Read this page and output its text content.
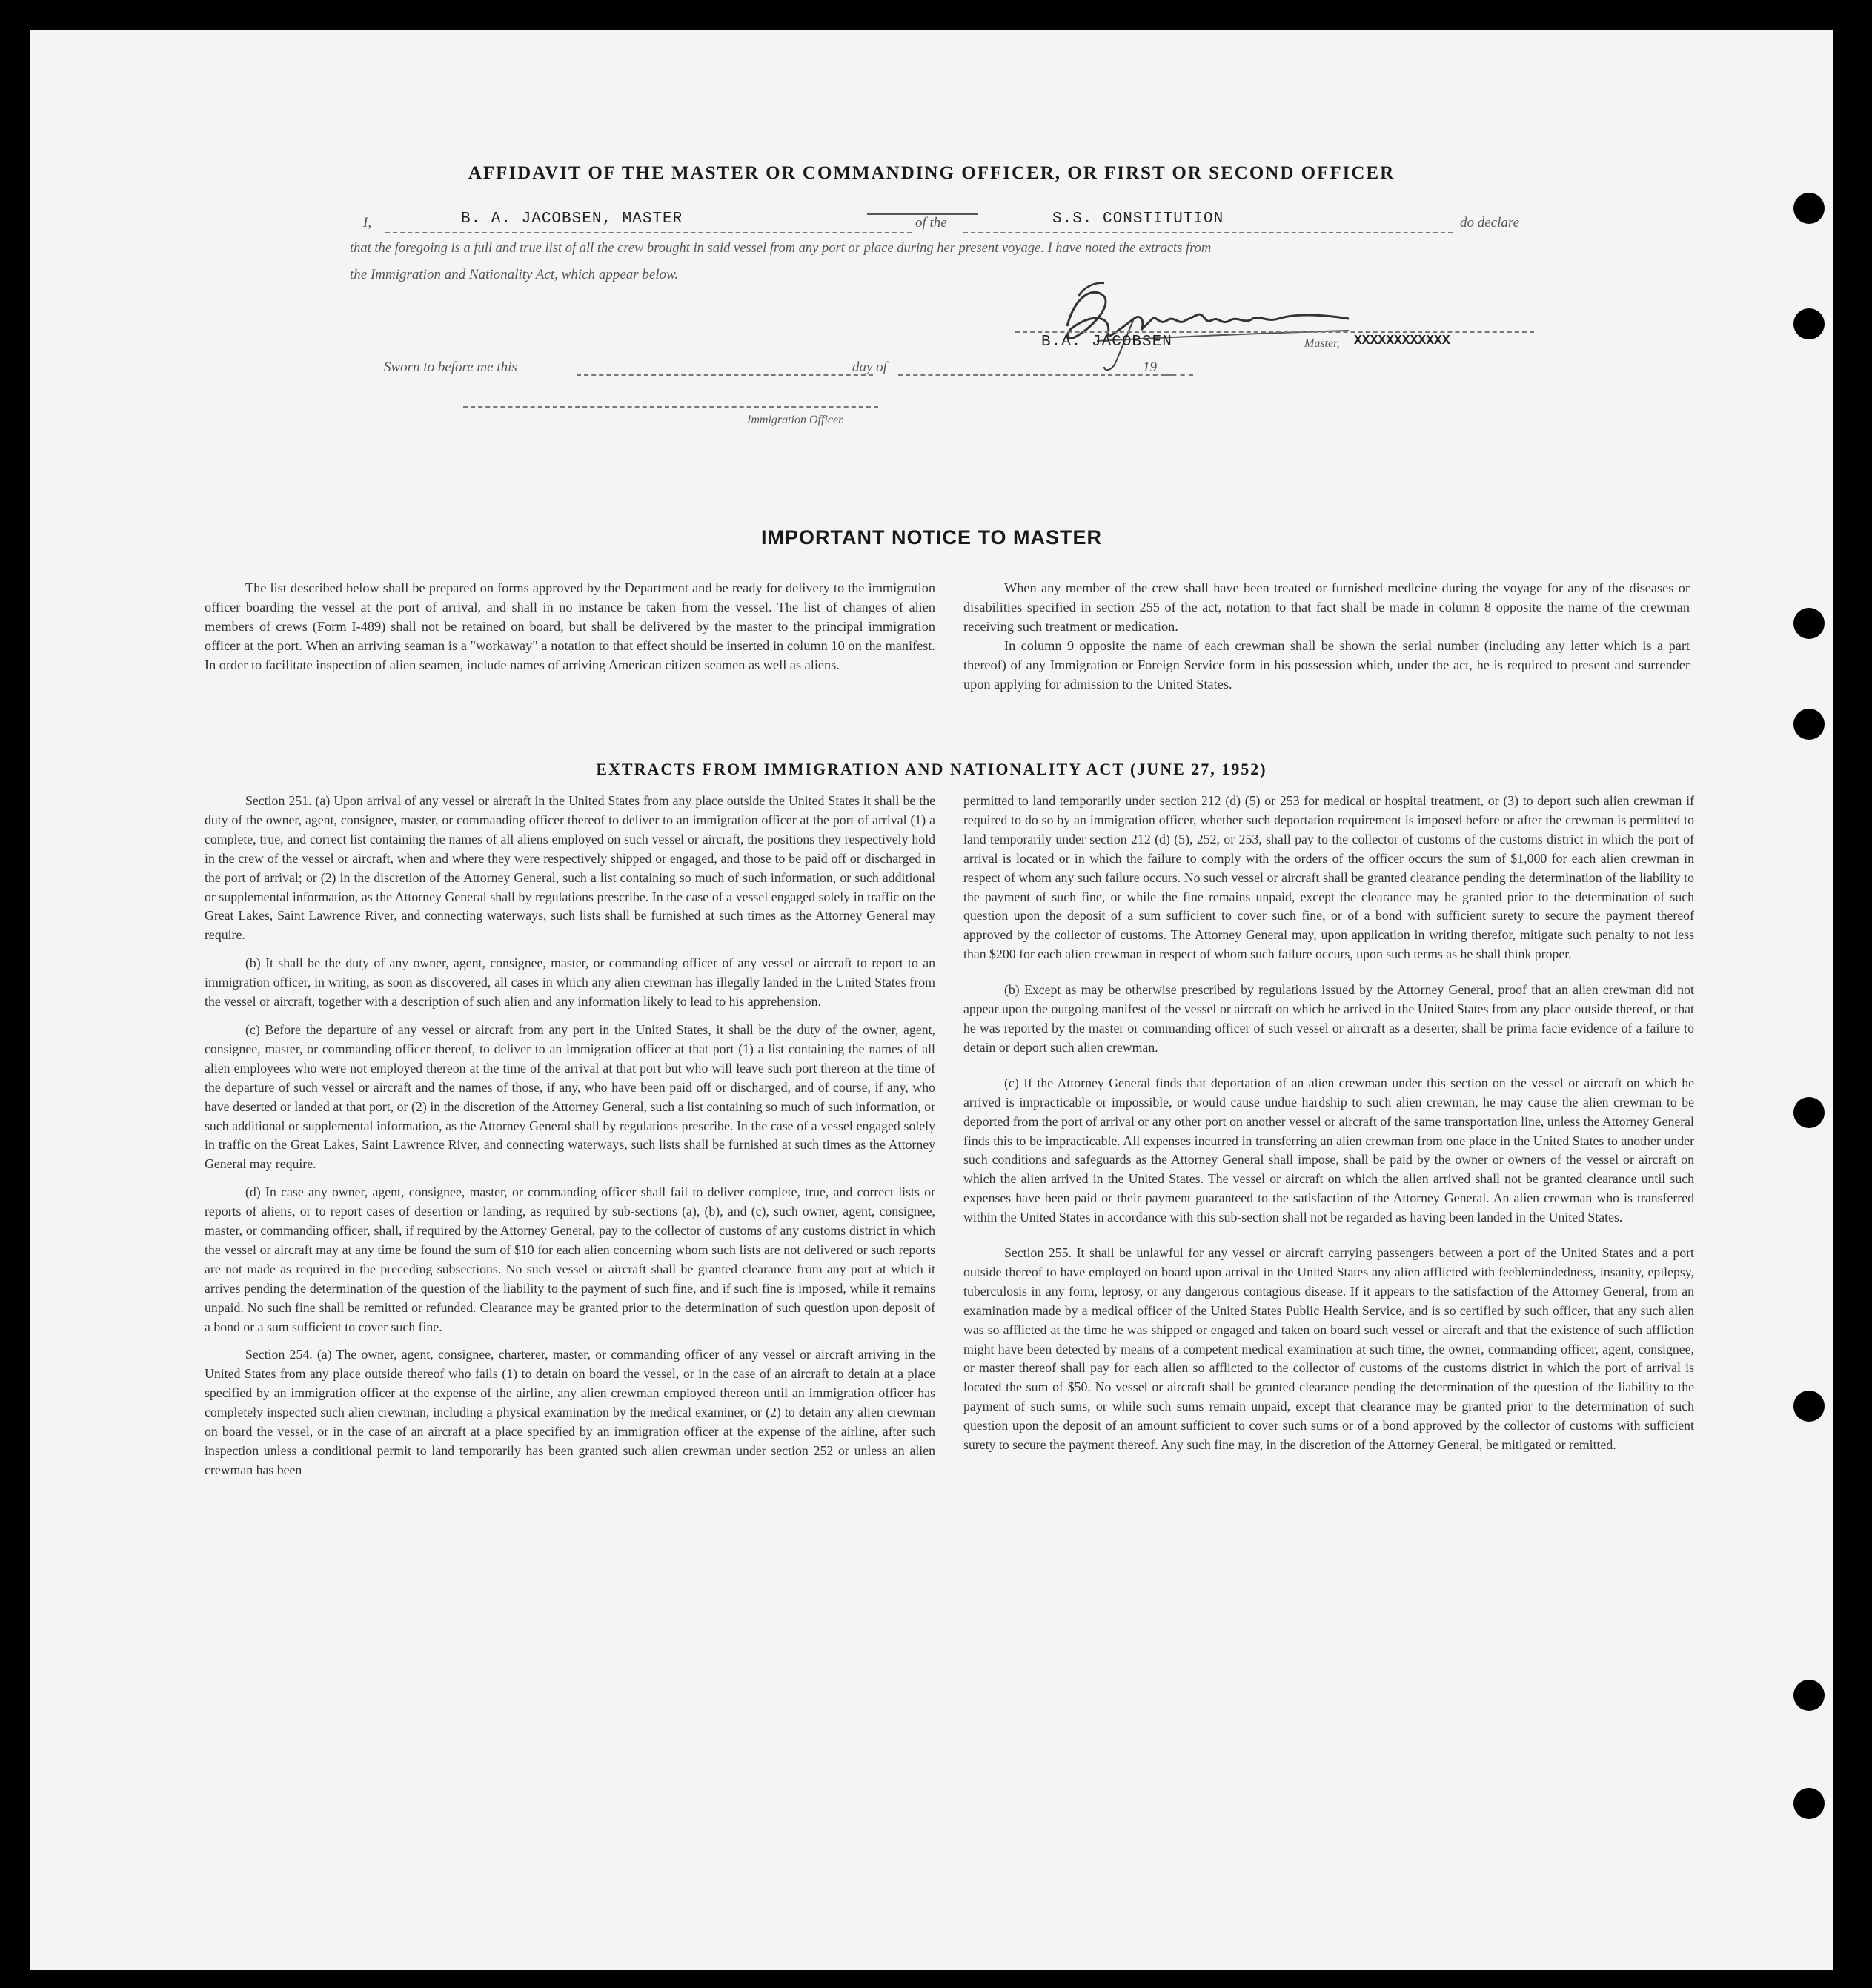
AFFIDAVIT OF THE MASTER OR COMMANDING OFFICER, OR FIRST OR SECOND OFFICER
I,	B. A. JACOBSEN, MASTER	of the	S.S. CONSTITUTION	do declare
that the foregoing is a full and true list of all the crew brought in said vessel from any port or place during her present voyage. I have noted the extracts from
the Immigration and Nationality Act, which appear below.
B.A. JACOBSEN	Master, XXXXXXXXXXXX
Sworn to before me this	day of	19
Immigration Officer.
IMPORTANT NOTICE TO MASTER

The list described below shall be prepared on forms approved by the Department and be ready for delivery to the immigration officer boarding the vessel at the port of arrival, and shall in no instance be taken from the vessel. The list of changes of alien members of crews (Form I-489) shall not be retained on board, but shall be delivered by the master to the principal immigration officer at the port. When an arriving seaman is a "workaway" a notation to that effect should be inserted in column 10 on the manifest. In order to facilitate inspection of alien seamen, include names of arriving American citizen seamen as well as aliens.

When any member of the crew shall have been treated or furnished medicine during the voyage for any of the diseases or disabilities specified in section 255 of the act, notation to that fact shall be made in column 8 opposite the name of the crewman receiving such treatment or medication.

In column 9 opposite the name of each crewman shall be shown the serial number (including any letter which is a part thereof) of any Immigration or Foreign Service form in his possession which, under the act, he is required to present and surrender upon applying for admission to the United States.

EXTRACTS FROM IMMIGRATION AND NATIONALITY ACT (JUNE 27, 1952)

Section 251. (a) Upon arrival of any vessel or aircraft in the United States from any place outside the United States it shall be the duty of the owner, agent, consignee, master, or commanding officer thereof to deliver to an immigration officer at the port of arrival (1) a complete, true, and correct list containing the names of all aliens employed on such vessel or aircraft, the positions they respectively hold in the crew of the vessel or aircraft, when and where they were respectively shipped or engaged, and those to be paid off or discharged in the port of arrival; or (2) in the discretion of the Attorney General, such a list containing so much of such information, or such additional or supplemental information, as the Attorney General shall by regulations prescribe. In the case of a vessel engaged solely in traffic on the Great Lakes, Saint Lawrence River, and connecting waterways, such lists shall be furnished at such times as the Attorney General may require.

(b) It shall be the duty of any owner, agent, consignee, master, or commanding officer of any vessel or aircraft to report to an immigration officer, in writing, as soon as discovered, all cases in which any alien crewman has illegally landed in the United States from the vessel or aircraft, together with a description of such alien and any information likely to lead to his apprehension.

(c) Before the departure of any vessel or aircraft from any port in the United States, it shall be the duty of the owner, agent, consignee, master, or commanding officer thereof, to deliver to an immigration officer at that port (1) a list containing the names of all alien employees who were not employed thereon at the time of the arrival at that port but who will leave such port thereon at the time of the departure of such vessel or aircraft and the names of those, if any, who have been paid off or discharged, and of course, if any, who have deserted or landed at that port, or (2) in the discretion of the Attorney General, such a list containing so much of such information, or such additional or supplemental information, as the Attorney General shall by regulations prescribe. In the case of a vessel engaged solely in traffic on the Great Lakes, Saint Lawrence River, and connecting waterways, such lists shall be furnished at such times as the Attorney General may require.

(d) In case any owner, agent, consignee, master, or commanding officer shall fail to deliver complete, true, and correct lists or reports of aliens, or to report cases of desertion or landing, as required by sub-sections (a), (b), and (c), such owner, agent, consignee, master, or commanding officer, shall, if required by the Attorney General, pay to the collector of customs of any customs district in which the vessel or aircraft may at any time be found the sum of $10 for each alien concerning whom such lists are not delivered or such reports are not made as required in the preceding subsections. No such vessel or aircraft shall be granted clearance from any port at which it arrives pending the determination of the question of the liability to the payment of such fine, and if such fine is imposed, while it remains unpaid. No such fine shall be remitted or refunded. Clearance may be granted prior to the determination of such question upon deposit of a bond or a sum sufficient to cover such fine.

Section 254. (a) The owner, agent, consignee, charterer, master, or commanding officer of any vessel or aircraft arriving in the United States from any place outside thereof who fails (1) to detain on board the vessel, or in the case of an aircraft to detain at a place specified by an immigration officer at the expense of the airline, any alien crewman employed thereon until an immigration officer has completely inspected such alien crewman, including a physical examination by the medical examiner, or (2) to detain any alien crewman on board the vessel, or in the case of an aircraft at a place specified by an immigration officer at the expense of the airline, after such inspection unless a conditional permit to land temporarily has been granted such alien crewman under section 252 or unless an alien crewman has been

permitted to land temporarily under section 212 (d) (5) or 253 for medical or hospital treatment, or (3) to deport such alien crewman if required to do so by an immigration officer, whether such deportation requirement is imposed before or after the crewman is permitted to land temporarily under section 212 (d) (5), 252, or 253, shall pay to the collector of customs of the customs district in which the port of arrival is located or in which the failure to comply with the orders of the officer occurs the sum of $1,000 for each alien crewman in respect of whom any such failure occurs. No such vessel or aircraft shall be granted clearance pending the determination of the liability to the payment of such fine, or while the fine remains unpaid, except the clearance may be granted prior to the determination of such question upon the deposit of a sum sufficient to cover such fine, or of a bond with sufficient surety to secure the payment thereof approved by the collector of customs. The Attorney General may, upon application in writing therefor, mitigate such penalty to not less than $200 for each alien crewman in respect of whom such failure occurs, upon such terms as he shall think proper.

(b) Except as may be otherwise prescribed by regulations issued by the Attorney General, proof that an alien crewman did not appear upon the outgoing manifest of the vessel or aircraft on which he arrived in the United States from any place outside thereof, or that he was reported by the master or commanding officer of such vessel or aircraft as a deserter, shall be prima facie evidence of a failure to detain or deport such alien crewman.

(c) If the Attorney General finds that deportation of an alien crewman under this section on the vessel or aircraft on which he arrived is impracticable or impossible, or would cause undue hardship to such alien crewman, he may cause the alien crewman to be deported from the port of arrival or any other port on another vessel or aircraft of the same transportation line, unless the Attorney General finds this to be impracticable. All expenses incurred in transferring an alien crewman from one place in the United States to another under such conditions and safeguards as the Attorney General shall impose, shall be paid by the owner or owners of the vessel or aircraft on which the alien arrived in the United States. The vessel or aircraft on which the alien arrived shall not be granted clearance until such expenses have been paid or their payment guaranteed to the satisfaction of the Attorney General. An alien crewman who is transferred within the United States in accordance with this sub-section shall not be regarded as having been landed in the United States.

Section 255. It shall be unlawful for any vessel or aircraft carrying passengers between a port of the United States and a port outside thereof to have employed on board upon arrival in the United States any alien afflicted with feeblemindedness, insanity, epilepsy, tuberculosis in any form, leprosy, or any dangerous contagious disease. If it appears to the satisfaction of the Attorney General, from an examination made by a medical officer of the United States Public Health Service, and is so certified by such officer, that any such alien was so afflicted at the time he was shipped or engaged and taken on board such vessel or aircraft and that the existence of such affliction might have been detected by means of a competent medical examination at such time, the owner, commanding officer, agent, consignee, or master thereof shall pay for each alien so afflicted to the collector of customs of the customs district in which the port of arrival is located the sum of $50. No vessel or aircraft shall be granted clearance pending the determination of the question of the liability to the payment of such sums, or while such sums remain unpaid, except that clearance may be granted prior to the determination of such question upon the deposit of an amount sufficient to cover such sums or of a bond approved by the collector of customs with sufficient surety to secure the payment thereof. Any such fine may, in the discretion of the Attorney General, be mitigated or remitted.
